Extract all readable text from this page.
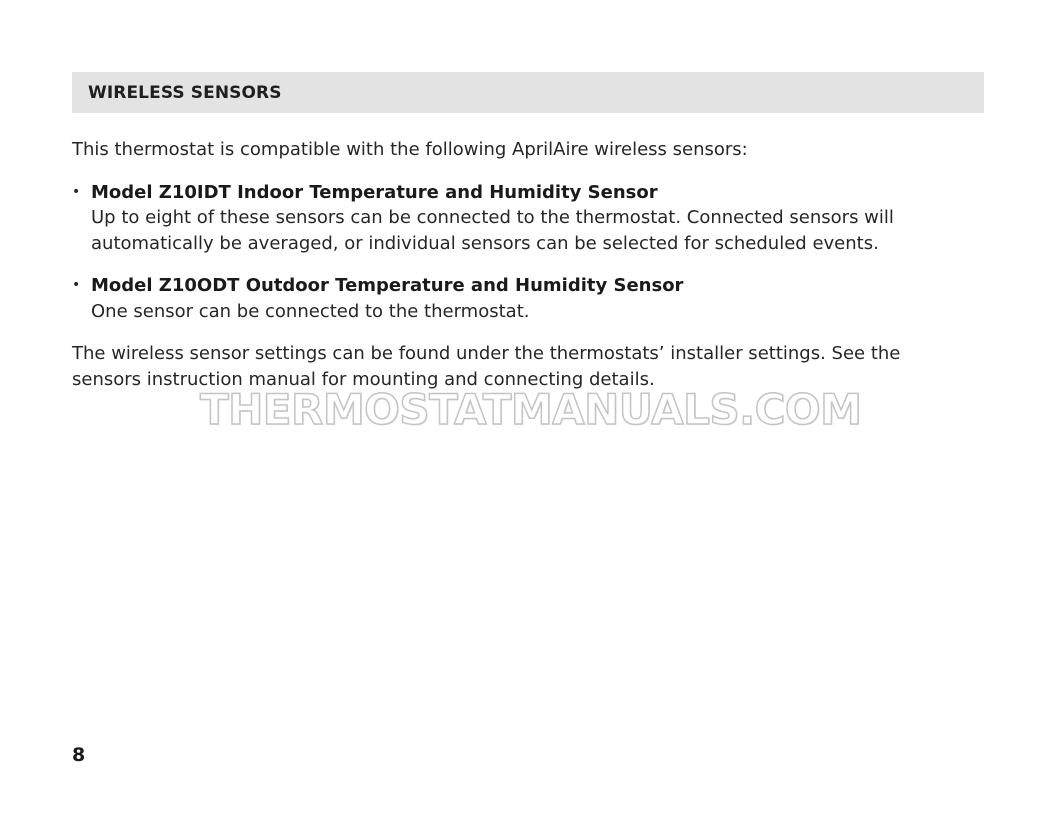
WIRELESS SENSORS

This thermostat is compatible with the following AprilAire wireless sensors:

• Model Z10IDT Indoor Temperature and Humidity Sensor
Up to eight of these sensors can be connected to the thermostat. Connected sensors will automatically be averaged, or individual sensors can be selected for scheduled events.
• Model Z10ODT Outdoor Temperature and Humidity Sensor
One sensor can be connected to the thermostat.

The wireless sensor settings can be found under the thermostats’ installer settings. See the sensors instruction manual for mounting and connecting details.

THERMOSTATMANUALS.COM
8
